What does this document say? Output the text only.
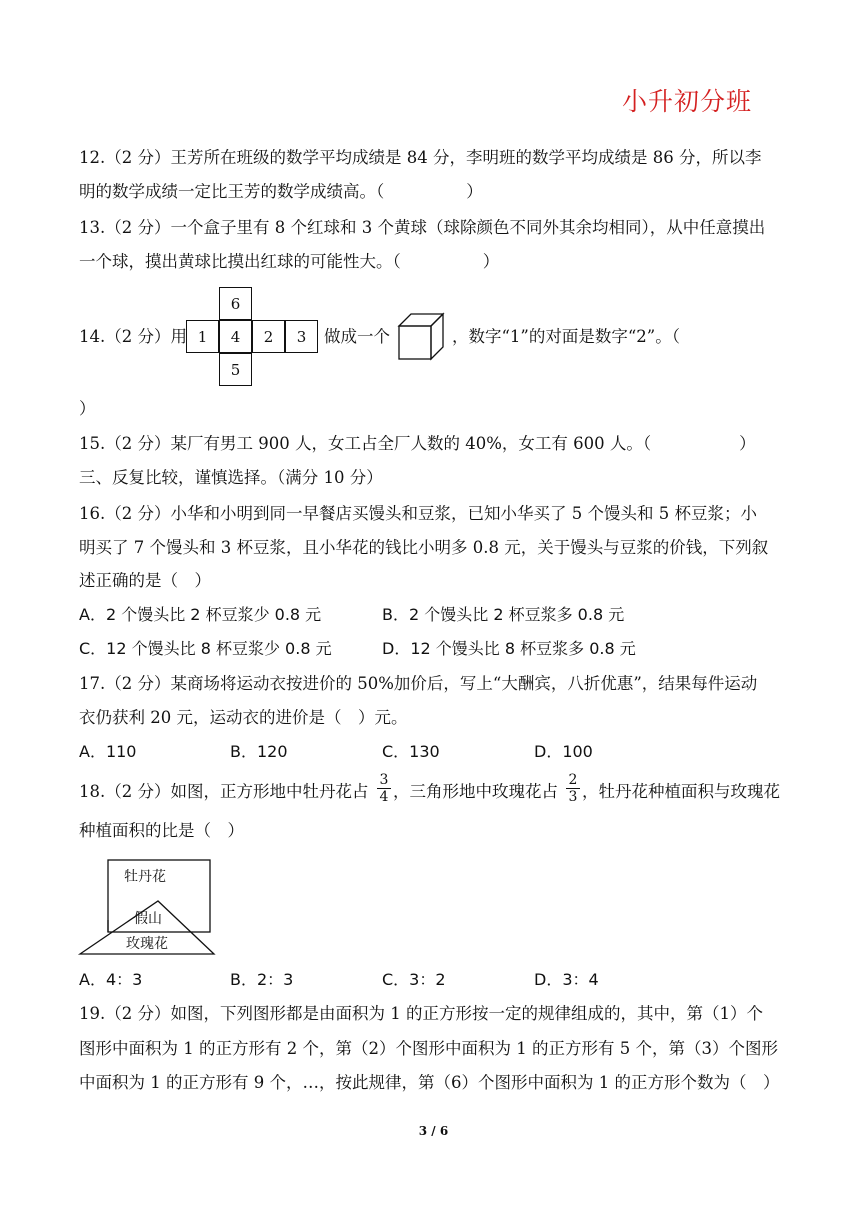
小升初分班
12.（2 分）王芳所在班级的数学平均成绩是 84 分，李明班的数学平均成绩是 86 分，所以李
明的数学成绩一定比王芳的数学成绩高。（	）
13.（2 分）一个盒子里有 8 个红球和 3 个黄球（球除颜色不同外其余均相同），从中任意摸出
一个球，摸出黄球比摸出红球的可能性大。（	）
14.（2 分）用
6
1	4	2	3
5
做成一个	，数字“1”的对面是数字“2”。（
）
15.（2 分）某厂有男工 900 人，女工占全厂人数的 40%，女工有 600 人。（	）
三、反复比较，谨慎选择。（满分 10 分）
16.（2 分）小华和小明到同一早餐店买馒头和豆浆，已知小华买了 5 个馒头和 5 杯豆浆；小
明买了 7 个馒头和 3 杯豆浆，且小华花的钱比小明多 0.8 元，关于馒头与豆浆的价钱，下列叙
述正确的是（　）
A．2 个馒头比 2 杯豆浆少 0.8 元	B．2 个馒头比 2 杯豆浆多 0.8 元
C．12 个馒头比 8 杯豆浆少 0.8 元	D．12 个馒头比 8 杯豆浆多 0.8 元
17.（2 分）某商场将运动衣按进价的 50%加价后，写上“大酬宾，八折优惠”，结果每件运动
衣仍获利 20 元，运动衣的进价是（　）元。
A．110	B．120	C．130	D．100
18.（2 分）如图，正方形地中牡丹花占
3
4 ，三角形地中玫瑰花占
2
3 ，牡丹花种植面积与玫瑰花
种植面积的比是（　）
牡丹花
假山
玫瑰花
A．4：3	B．2：3	C．3：2	D．3：4
19.（2 分）如图，下列图形都是由面积为 1 的正方形按一定的规律组成的，其中，第（1）个
图形中面积为 1 的正方形有 2 个，第（2）个图形中面积为 1 的正方形有 5 个，第（3）个图形
中面积为 1 的正方形有 9 个，…，按此规律，第（6）个图形中面积为 1 的正方形个数为（　）
3 / 6
